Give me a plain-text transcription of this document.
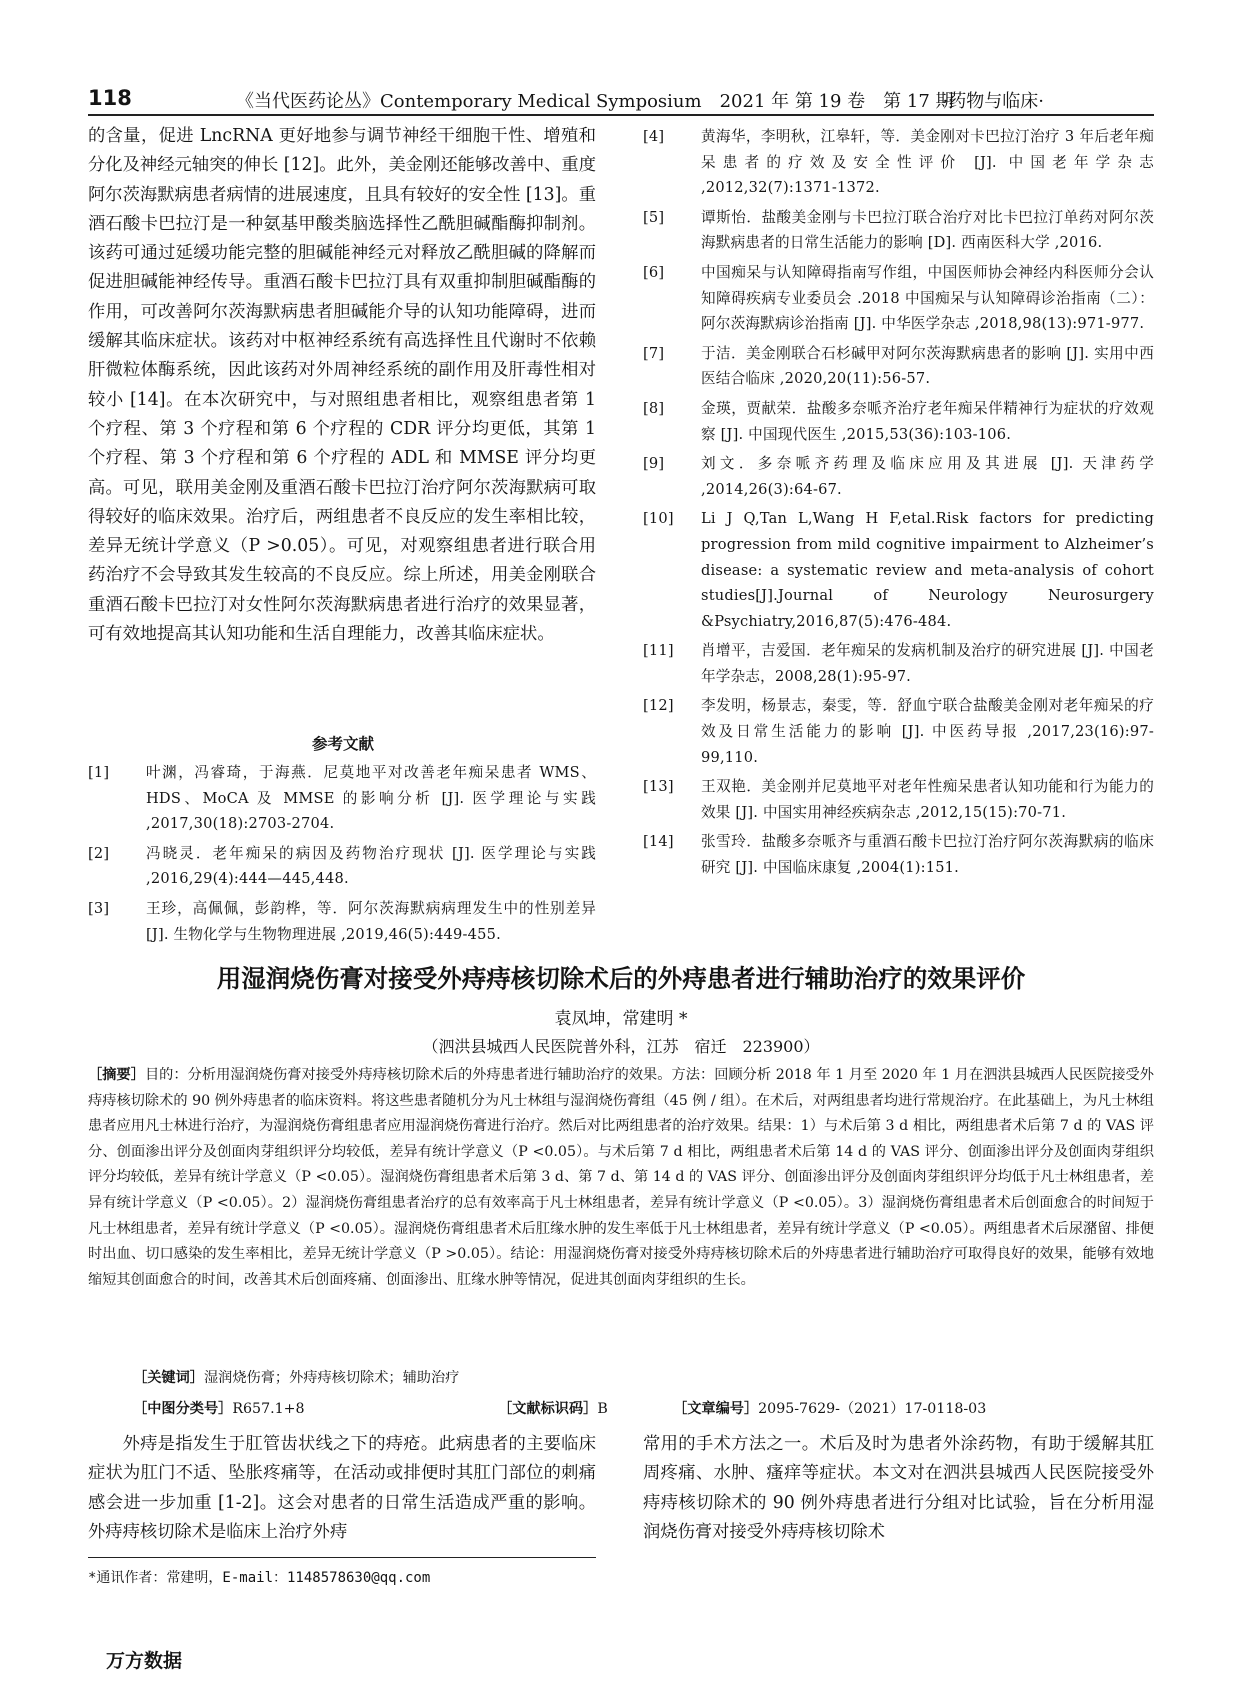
118	《当代医药论丛》Contemporary Medical Symposium　2021 年 第 19 卷　第 17 期
·药物与临床·

的含量，促进 LncRNA 更好地参与调节神经干细胞干性、增殖和分化及神经元轴突的伸长 [12]。此外，美金刚还能够改善中、重度阿尔茨海默病患者病情的进展速度，且具有较好的安全性 [13]。重酒石酸卡巴拉汀是一种氨基甲酸类脑选择性乙酰胆碱酯酶抑制剂。该药可通过延缓功能完整的胆碱能神经元对释放乙酰胆碱的降解而促进胆碱能神经传导。重酒石酸卡巴拉汀具有双重抑制胆碱酯酶的作用，可改善阿尔茨海默病患者胆碱能介导的认知功能障碍，进而缓解其临床症状。该药对中枢神经系统有高选择性且代谢时不依赖肝微粒体酶系统，因此该药对外周神经系统的副作用及肝毒性相对较小 [14]。在本次研究中，与对照组患者相比，观察组患者第 1 个疗程、第 3 个疗程和第 6 个疗程的 CDR 评分均更低，其第 1 个疗程、第 3 个疗程和第 6 个疗程的 ADL 和 MMSE 评分均更高。可见，联用美金刚及重酒石酸卡巴拉汀治疗阿尔茨海默病可取得较好的临床效果。治疗后，两组患者不良反应的发生率相比较，差异无统计学意义（P >0.05）。可见，对观察组患者进行联合用药治疗不会导致其发生较高的不良反应。综上所述，用美金刚联合重酒石酸卡巴拉汀对女性阿尔茨海默病患者进行治疗的效果显著，可有效地提高其认知功能和生活自理能力，改善其临床症状。

参考文献
[1]	叶渊，冯睿琦，于海燕．尼莫地平对改善老年痴呆患者 WMS、HDS、MoCA 及 MMSE 的影响分析 [J]. 医学理论与实践 ,2017,30(18):2703-2704.
[2]	冯晓灵．老年痴呆的病因及药物治疗现状 [J]. 医学理论与实践 ,2016,29(4):444—445,448.
[3]	王珍，高佩佩，彭韵桦，等．阿尔茨海默病病理发生中的性别差异 [J]. 生物化学与生物物理进展 ,2019,46(5):449-455.
[4]	黄海华，李明秋，江皋轩，等．美金刚对卡巴拉汀治疗 3 年后老年痴呆患者的疗效及安全性评价 [J]. 中国老年学杂志 ,2012,32(7):1371-1372.
[5]	谭斯怡．盐酸美金刚与卡巴拉汀联合治疗对比卡巴拉汀单药对阿尔茨海默病患者的日常生活能力的影响 [D]. 西南医科大学 ,2016.
[6]	中国痴呆与认知障碍指南写作组，中国医师协会神经内科医师分会认知障碍疾病专业委员会 .2018 中国痴呆与认知障碍诊治指南（二）：阿尔茨海默病诊治指南 [J]. 中华医学杂志 ,2018,98(13):971-977.
[7]	于洁．美金刚联合石杉碱甲对阿尔茨海默病患者的影响 [J]. 实用中西医结合临床 ,2020,20(11):56-57.
[8]	金瑛，贾献荣．盐酸多奈哌齐治疗老年痴呆伴精神行为症状的疗效观察 [J]. 中国现代医生 ,2015,53(36):103-106.
[9]	刘文．多奈哌齐药理及临床应用及其进展 [J]. 天津药学 ,2014,26(3):64-67.
[10] Li J Q,Tan L,Wang H F,etal.Risk factors for predicting progression from mild cognitive impairment to Alzheimer’s disease: a systematic review and meta-analysis of cohort studies[J].Journal of Neurology Neurosurgery &Psychiatry,2016,87(5):476-484.
[11] 肖增平，吉爱国．老年痴呆的发病机制及治疗的研究进展 [J]. 中国老年学杂志，2008,28(1):95-97.
[12] 李发明，杨景志，秦雯，等．舒血宁联合盐酸美金刚对老年痴呆的疗效及日常生活能力的影响 [J]. 中医药导报 ,2017,23(16):97-99,110.
[13] 王双艳．美金刚并尼莫地平对老年性痴呆患者认知功能和行为能力的效果 [J]. 中国实用神经疾病杂志 ,2012,15(15):70-71.
[14] 张雪玲．盐酸多奈哌齐与重酒石酸卡巴拉汀治疗阿尔茨海默病的临床研究 [J]. 中国临床康复 ,2004(1):151.
用湿润烧伤膏对接受外痔痔核切除术后的外痔患者进行辅助治疗的效果评价
袁凤坤，常建明 *
（泗洪县城西人民医院普外科，江苏　宿迁　223900）
［摘要］目的：分析用湿润烧伤膏对接受外痔痔核切除术后的外痔患者进行辅助治疗的效果。方法：回顾分析 2018 年 1 月至 2020 年 1 月在泗洪县城西人民医院接受外痔痔核切除术的 90 例外痔患者的临床资料。将这些患者随机分为凡士林组与湿润烧伤膏组（45 例 / 组）。在术后，对两组患者均进行常规治疗。在此基础上，为凡士林组患者应用凡士林进行治疗，为湿润烧伤膏组患者应用湿润烧伤膏进行治疗。然后对比两组患者的治疗效果。结果：1）与术后第 3 d 相比，两组患者术后第 7 d 的 VAS 评分、创面渗出评分及创面肉芽组织评分均较低，差异有统计学意义（P <0.05）。与术后第 7 d 相比，两组患者术后第 14 d 的 VAS 评分、创面渗出评分及创面肉芽组织评分均较低，差异有统计学意义（P <0.05）。湿润烧伤膏组患者术后第 3 d、第 7 d、第 14 d 的 VAS 评分、创面渗出评分及创面肉芽组织评分均低于凡士林组患者，差异有统计学意义（P <0.05）。2）湿润烧伤膏组患者治疗的总有效率高于凡士林组患者，差异有统计学意义（P <0.05）。3）湿润烧伤膏组患者术后创面愈合的时间短于凡士林组患者，差异有统计学意义（P <0.05）。湿润烧伤膏组患者术后肛缘水肿的发生率低于凡士林组患者，差异有统计学意义（P <0.05）。两组患者术后尿潴留、排便时出血、切口感染的发生率相比，差异无统计学意义（P >0.05）。结论：用湿润烧伤膏对接受外痔痔核切除术后的外痔患者进行辅助治疗可取得良好的效果，能够有效地缩短其创面愈合的时间，改善其术后创面疼痛、创面渗出、肛缘水肿等情况，促进其创面肉芽组织的生长。
［关键词］湿润烧伤膏；外痔痔核切除术；辅助治疗
［中图分类号］R657.1+8	［文献标识码］B	［文章编号］2095-7629-（2021）17-0118-03

外痔是指发生于肛管齿状线之下的痔疮。此病患者的主要临床症状为肛门不适、坠胀疼痛等，在活动或排便时其肛门部位的刺痛感会进一步加重 [1-2]。这会对患者的日常生活造成严重的影响。外痔痔核切除术是临床上治疗外痔

常用的手术方法之一。术后及时为患者外涂药物，有助于缓解其肛周疼痛、水肿、瘙痒等症状。本文对在泗洪县城西人民医院接受外痔痔核切除术的 90 例外痔患者进行分组对比试验，旨在分析用湿润烧伤膏对接受外痔痔核切除术

*通讯作者：常建明，E-mail：1148578630@qq.com
万方数据
